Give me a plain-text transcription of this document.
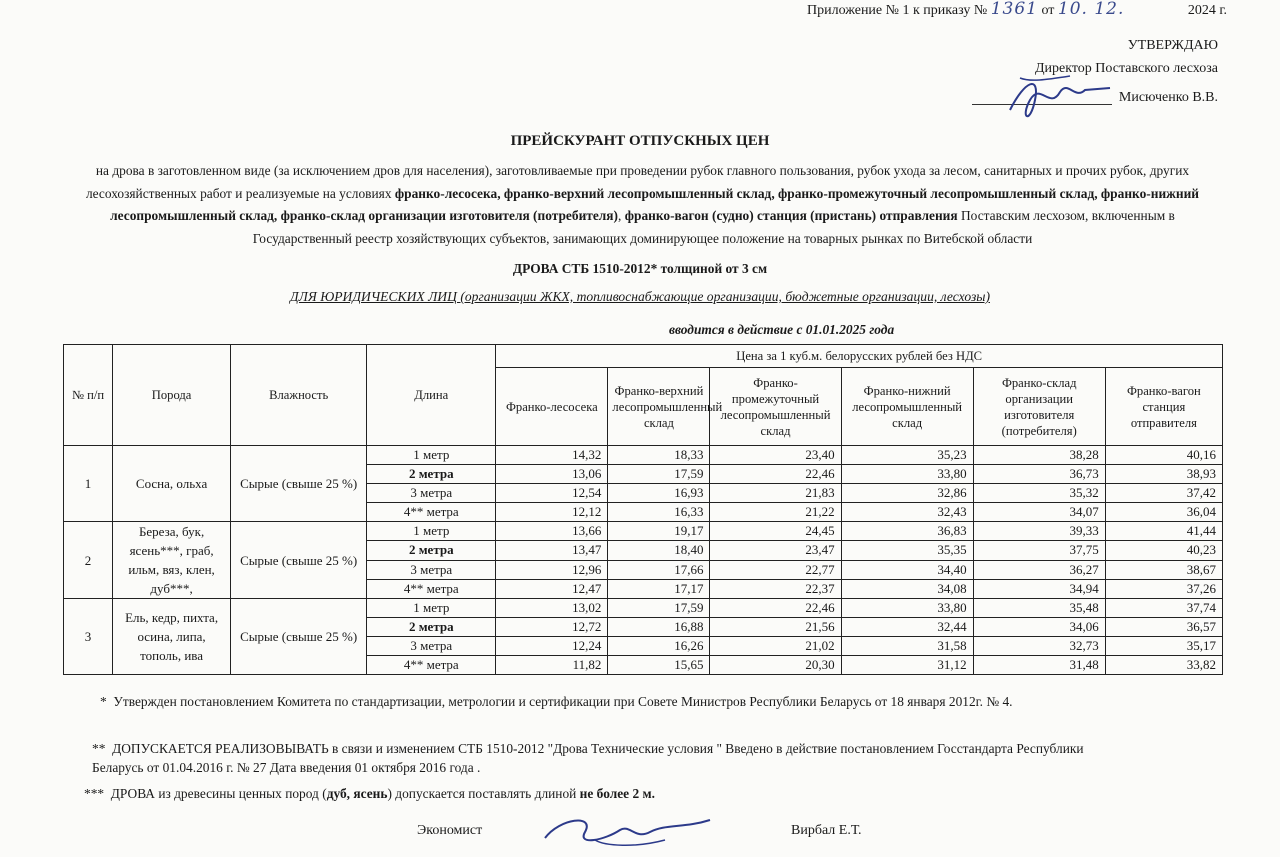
Приложение № 1 к приказу № 1361 от 10. 12.	2024 г.
УТВЕРЖДАЮ
Директор Поставского лесхоза
Мисюченко В.В.
ПРЕЙСКУРАНТ ОТПУСКНЫХ ЦЕН
на дрова в заготовленном виде (за исключением дров для населения), заготовливаемые при проведении рубок главного пользования, рубок ухода за лесом, санитарных и прочих рубок, других лесохозяйственных работ и реализуемые на условиях франко-лесосека, франко-верхний лесопромышленный склад, франко-промежуточный лесопромышленный склад, франко-нижний лесопромышленный склад, франко-склад организации изготовителя (потребителя), франко-вагон (судно) станция (пристань) отправления Поставским лесхозом, включенным в Государственный реестр хозяйствующих субъектов, занимающих доминирующее положение на товарных рынках по Витебской области
ДРОВА СТБ 1510-2012* толщиной от 3 см
ДЛЯ ЮРИДИЧЕСКИХ ЛИЦ (организации ЖКХ, топливоснабжающие организации, бюджетные организации, лесхозы)
вводится в действие с 01.01.2025 года
№ п/п	Порода	Влажность	Длина	Цена за 1 куб.м. белорусских рублей без НДС					
				Франко-лесосека	Франко-верхний лесопромышленный склад	Франко-промежуточный лесопромышленный склад	Франко-нижний лесопромышленный склад	Франко-склад организации изготовителя (потребителя)	Франко-вагон станция отправителя
1	Сосна, ольха	Сырые (свыше 25 %)	1 метр	14,32	18,33	23,40	35,23	38,28	40,16
			2 метра	13,06	17,59	22,46	33,80	36,73	38,93
			3 метра	12,54	16,93	21,83	32,86	35,32	37,42
			4** метра	12,12	16,33	21,22	32,43	34,07	36,04
2	Береза, бук, ясень***, граб, ильм, вяз, клен, дуб***,	Сырые (свыше 25 %)	1 метр	13,66	19,17	24,45	36,83	39,33	41,44
			2 метра	13,47	18,40	23,47	35,35	37,75	40,23
			3 метра	12,96	17,66	22,77	34,40	36,27	38,67
			4** метра	12,47	17,17	22,37	34,08	34,94	37,26
3	Ель, кедр, пихта, осина, липа, тополь, ива	Сырые (свыше 25 %)	1 метр	13,02	17,59	22,46	33,80	35,48	37,74
			2 метра	12,72	16,88	21,56	32,44	34,06	36,57
			3 метра	12,24	16,26	21,02	31,58	32,73	35,17
			4** метра	11,82	15,65	20,30	31,12	31,48	33,82
* Утвержден постановлением Комитета по стандартизации, метрологии и сертификации при Совете Министров Республики Беларусь от 18 января 2012г. № 4.
** ДОПУСКАЕТСЯ РЕАЛИЗОВЫВАТЬ в связи и изменением СТБ 1510-2012 "Дрова Технические условия " Введено в действие постановлением Госстандарта Республики Беларусь от 01.04.2016 г. № 27 Дата введения 01 октября 2016 года .
*** ДРОВА из древесины ценных пород (дуб, ясень) допускается поставлять длиной не более 2 м.
Экономист	Вирбал Е.Т.
